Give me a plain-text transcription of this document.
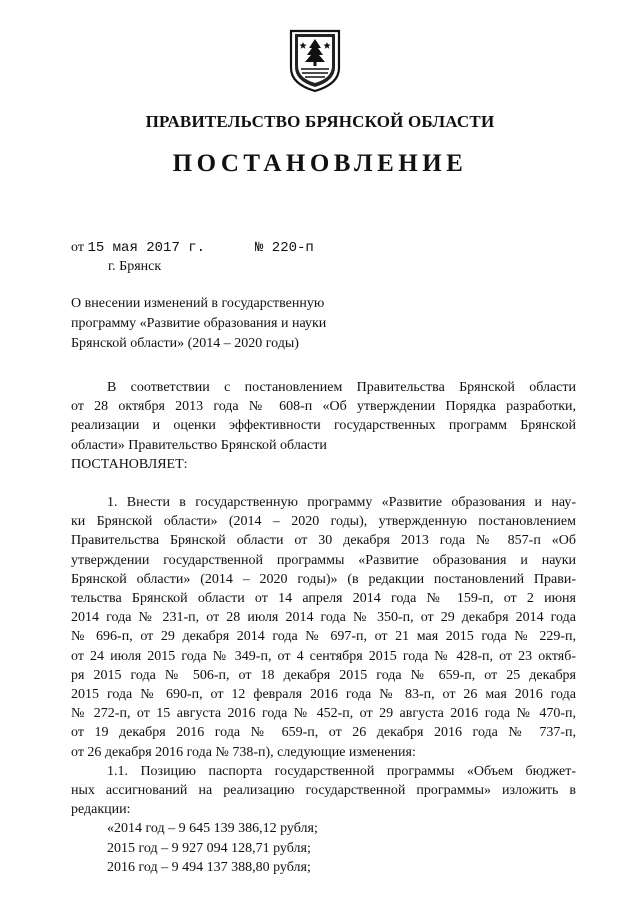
ПРАВИТЕЛЬСТВО БРЯНСКОЙ ОБЛАСТИ
ПОСТАНОВЛЕНИЕ
от 15 мая 2017 г.	№ 220-п
г. Брянск
О внесении изменений в государственную
программу «Развитие образования и науки
Брянской области» (2014 – 2020 годы)
В соответствии с постановлением Правительства Брянской области
от 28 октября 2013 года № 608-п «Об утверждении Порядка разработки,
реализации и оценки эффективности государственных программ Брянской
области» Правительство Брянской области
ПОСТАНОВЛЯЕТ:
1. Внести в государственную программу «Развитие образования и нау-
ки Брянской области» (2014 – 2020 годы), утвержденную постановлением
Правительства Брянской области от 30 декабря 2013 года № 857-п «Об
утверждении государственной программы «Развитие образования и науки
Брянской области» (2014 – 2020 годы)» (в редакции постановлений Прави-
тельства Брянской области от 14 апреля 2014 года № 159-п, от 2 июня
2014 года № 231-п, от 28 июля 2014 года № 350-п, от 29 декабря 2014 года
№ 696-п, от 29 декабря 2014 года № 697-п, от 21 мая 2015 года № 229-п,
от 24 июля 2015 года № 349-п, от 4 сентября 2015 года № 428-п, от 23 октяб-
ря 2015 года № 506-п, от 18 декабря 2015 года № 659-п, от 25 декабря
2015 года № 690-п, от 12 февраля 2016 года № 83-п, от 26 мая 2016 года
№ 272-п, от 15 августа 2016 года № 452-п, от 29 августа 2016 года № 470-п,
от 19 декабря 2016 года № 659-п, от 26 декабря 2016 года № 737-п,
от 26 декабря 2016 года № 738-п), следующие изменения:
1.1. Позицию паспорта государственной программы «Объем бюджет-
ных ассигнований на реализацию государственной программы» изложить в
редакции:
«2014 год – 9 645 139 386,12 рубля;
2015 год – 9 927 094 128,71 рубля;
2016 год – 9 494 137 388,80 рубля;
